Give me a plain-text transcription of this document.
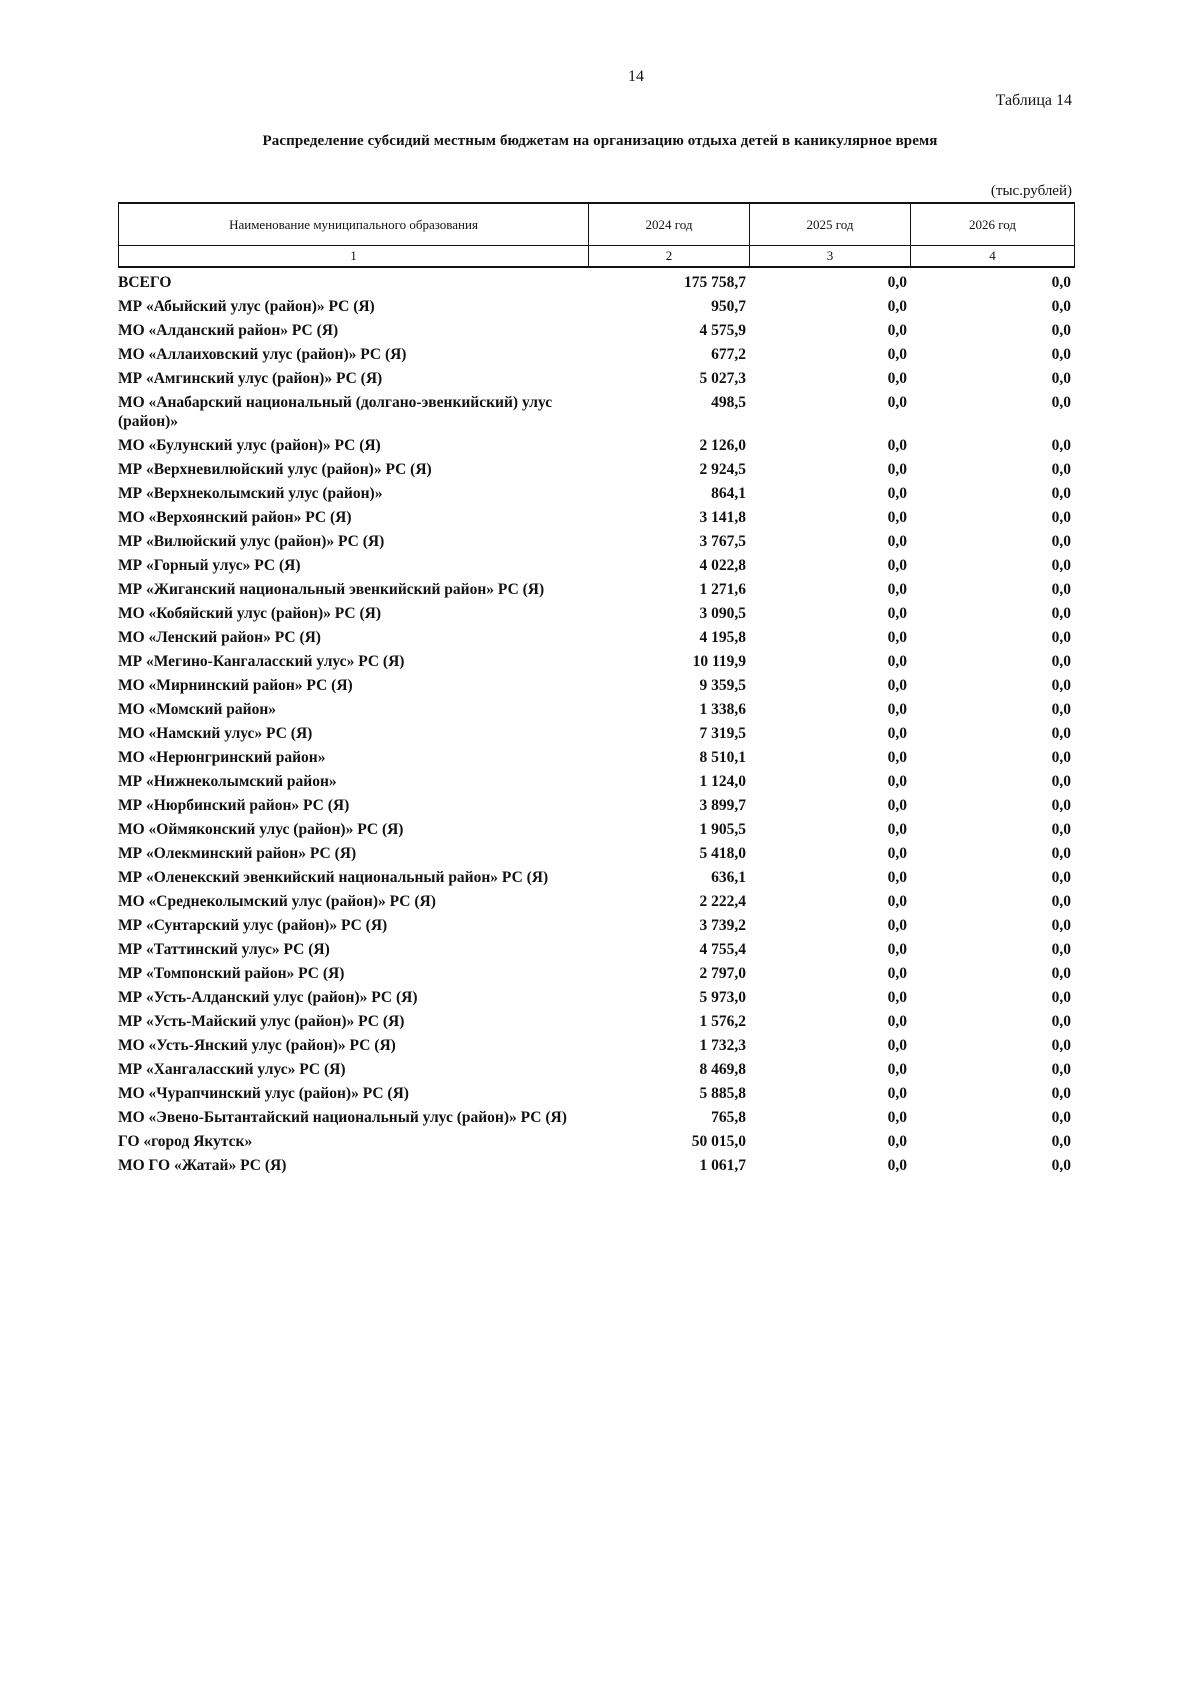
14
Таблица 14
Распределение субсидий местным бюджетам на организацию отдыха детей в каникулярное время
(тыс.рублей)
Наименование муниципального образования	2024 год	2025 год	2026 год
1	2	3	4
ВСЕГО	175 758,7	0,0	0,0
МР «Абыйский улус (район)» РС (Я)	950,7	0,0	0,0
МО «Алданский район» РС (Я)	4 575,9	0,0	0,0
МО «Аллаиховский улус (район)» РС (Я)	677,2	0,0	0,0
МР «Амгинский улус (район)» РС (Я)	5 027,3	0,0	0,0
МО «Анабарский национальный (долгано-эвенкийский) улус (район)»	498,5	0,0	0,0
МО «Булунский улус (район)» РС (Я)	2 126,0	0,0	0,0
МР «Верхневилюйский улус (район)» РС (Я)	2 924,5	0,0	0,0
МР «Верхнеколымский улус (район)»	864,1	0,0	0,0
МО «Верхоянский район» РС (Я)	3 141,8	0,0	0,0
МР «Вилюйский улус (район)» РС (Я)	3 767,5	0,0	0,0
МР «Горный улус» РС (Я)	4 022,8	0,0	0,0
МР «Жиганский национальный эвенкийский район» РС (Я)	1 271,6	0,0	0,0
МО «Кобяйский улус (район)» РС (Я)	3 090,5	0,0	0,0
МО «Ленский район» РС (Я)	4 195,8	0,0	0,0
МР «Мегино-Кангаласский улус» РС (Я)	10 119,9	0,0	0,0
МО «Мирнинский район» РС (Я)	9 359,5	0,0	0,0
МО «Момский район»	1 338,6	0,0	0,0
МО «Намский улус» РС (Я)	7 319,5	0,0	0,0
МО «Нерюнгринский район»	8 510,1	0,0	0,0
МР «Нижнеколымский район»	1 124,0	0,0	0,0
МР «Нюрбинский район» РС (Я)	3 899,7	0,0	0,0
МО «Оймяконский улус (район)» РС (Я)	1 905,5	0,0	0,0
МР «Олекминский район» РС (Я)	5 418,0	0,0	0,0
МР «Оленекский эвенкийский национальный район» РС (Я)	636,1	0,0	0,0
МО «Среднеколымский улус (район)» РС (Я)	2 222,4	0,0	0,0
МР «Сунтарский улус (район)» РС (Я)	3 739,2	0,0	0,0
МР «Таттинский улус» РС (Я)	4 755,4	0,0	0,0
МР «Томпонский район» РС (Я)	2 797,0	0,0	0,0
МР «Усть-Алданский улус (район)» РС (Я)	5 973,0	0,0	0,0
МР «Усть-Майский улус (район)» РС (Я)	1 576,2	0,0	0,0
МО «Усть-Янский улус (район)» РС (Я)	1 732,3	0,0	0,0
МР «Хангаласский улус» РС (Я)	8 469,8	0,0	0,0
МО «Чурапчинский улус (район)» РС (Я)	5 885,8	0,0	0,0
МО «Эвено-Бытантайский национальный улус (район)» РС (Я)	765,8	0,0	0,0
ГО «город Якутск»	50 015,0	0,0	0,0
МО ГО «Жатай» РС (Я)	1 061,7	0,0	0,0
